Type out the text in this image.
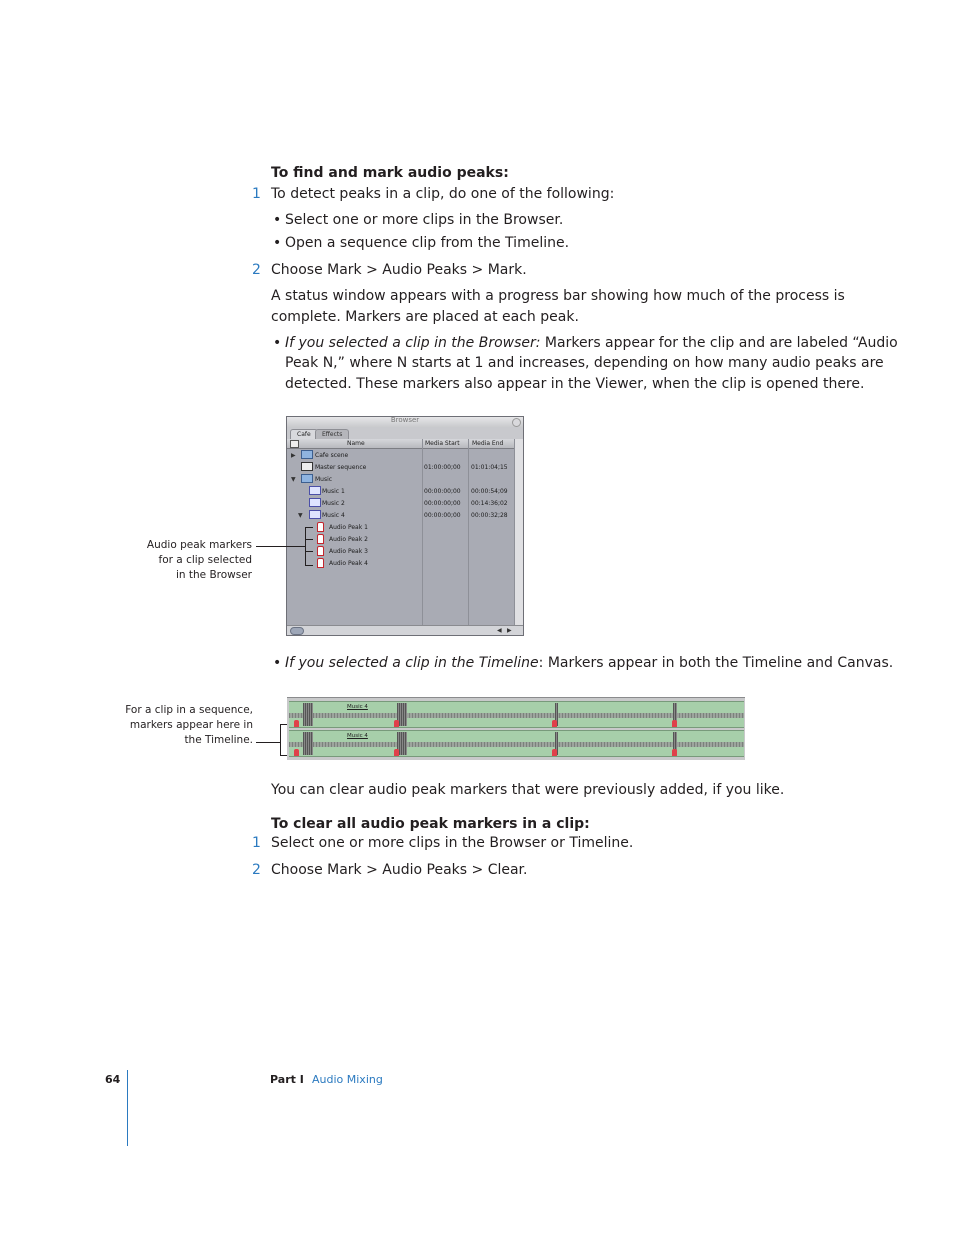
To find and mark audio peaks:
1 To detect peaks in a clip, do one of the following:
• Select one or more clips in the Browser.
• Open a sequence clip from the Timeline.
2 Choose Mark > Audio Peaks > Mark.
A status window appears with a progress bar showing how much of the process is
complete. Markers are placed at each peak.
• If you selected a clip in the Browser: Markers appear for the clip and are labeled “Audio
Peak N,” where N starts at 1 and increases, depending on how many audio peaks are
detected. These markers also appear in the Viewer, when the clip is opened there.
Browser
Cafe	Effects
Name	Media Start Media End
▶	Cafe scene
Master sequence	01:00:00;00 01:01:04;15
▼	Music
Music 1	00:00:00;00 00:00:54;09
Music 2	00:00:00;00 00:14:36;02
▼	Music 4	00:00:00;00 00:00:32;28
Audio Peak 1
Audio Peak 2
Audio Peak 3
Audio Peak 4
◀ ▶
Audio peak markers
for a clip selected
in the Browser
• If you selected a clip in the Timeline: Markers appear in both the Timeline and Canvas.
Music 4
Music 4
For a clip in a sequence,
markers appear here in
the Timeline.
You can clear audio peak markers that were previously added, if you like.
To clear all audio peak markers in a clip:
1 Select one or more clips in the Browser or Timeline.
2 Choose Mark > Audio Peaks > Clear.
64	Part I Audio Mixing
